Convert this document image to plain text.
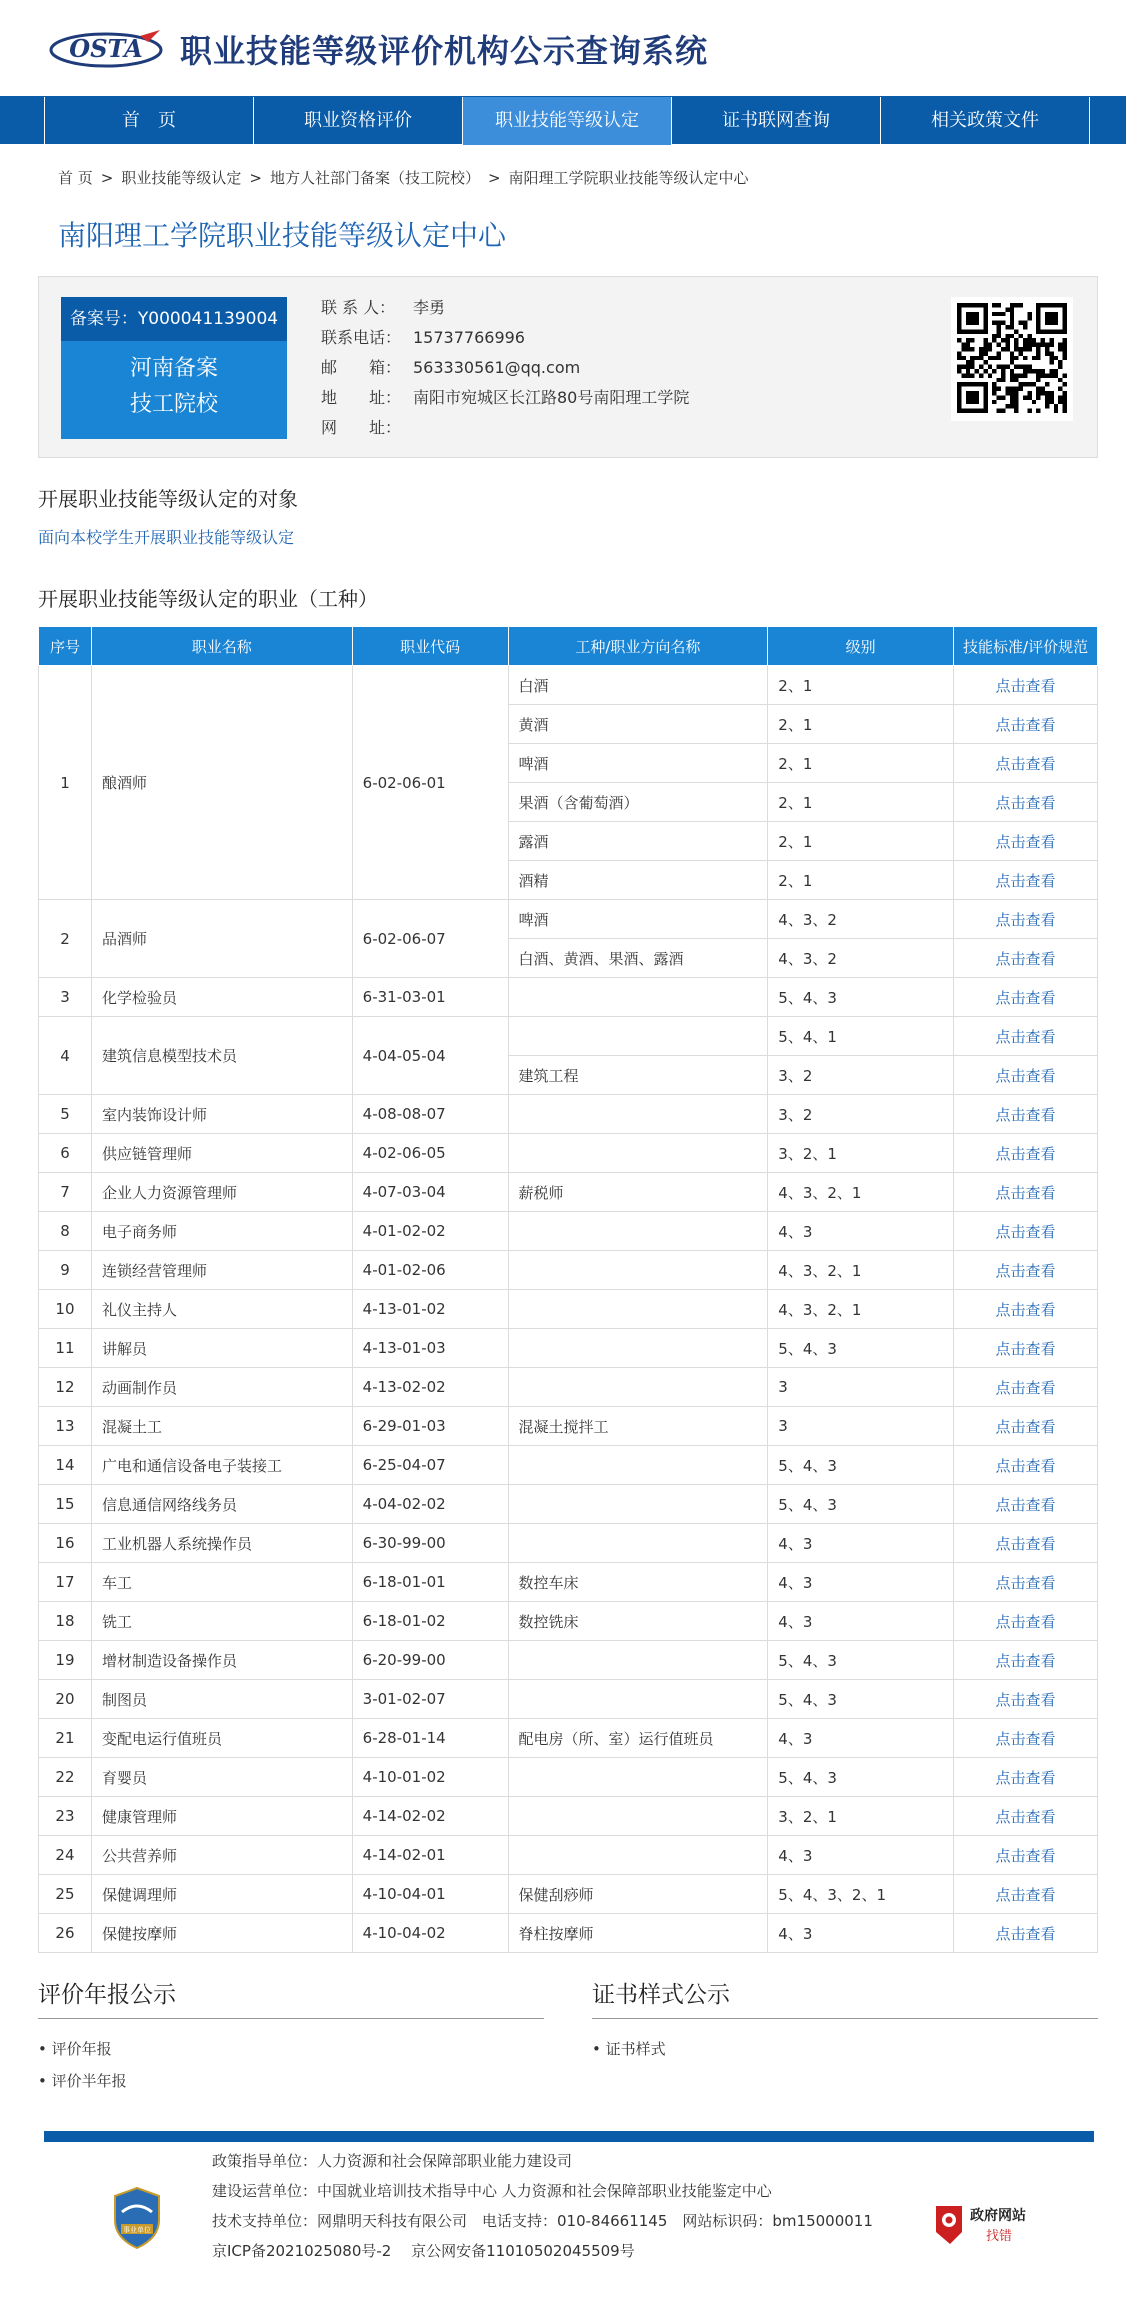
OSTA 职业技能等级评价机构公示查询系统
首　页	职业资格评价	职业技能等级认定	证书联网查询	相关政策文件
首 页 > 职业技能等级认定 > 地方人社部门备案（技工院校） > 南阳理工学院职业技能等级认定中心
南阳理工学院职业技能等级认定中心
备案号：Y000041139004
河南备案
技工院校
联 系 人：	李勇
联系电话： 15737766996
邮　　箱： 563330561@qq.com
地　　址： 南阳市宛城区长江路80号南阳理工学院
网　　址：
开展职业技能等级认定的对象
面向本校学生开展职业技能等级认定
开展职业技能等级认定的职业（工种）
序号	职业名称	职业代码	工种/职业方向名称	级别	技能标准/评价规范
1	酿酒师	6-02-06-01	白酒	2、1	点击查看
			黄酒	2、1	点击查看
			啤酒	2、1	点击查看
			果酒（含葡萄酒）	2、1	点击查看
			露酒	2、1	点击查看
			酒精	2、1	点击查看
2	品酒师	6-02-06-07	啤酒	4、3、2	点击查看
			白酒、黄酒、果酒、露酒	4、3、2	点击查看
3	化学检验员	6-31-03-01		5、4、3	点击查看
4	建筑信息模型技术员	4-04-05-04		5、4、1	点击查看
			建筑工程	3、2	点击查看
5	室内装饰设计师	4-08-08-07		3、2	点击查看
6	供应链管理师	4-02-06-05		3、2、1	点击查看
7	企业人力资源管理师	4-07-03-04	薪税师	4、3、2、1	点击查看
8	电子商务师	4-01-02-02		4、3	点击查看
9	连锁经营管理师	4-01-02-06		4、3、2、1	点击查看
10	礼仪主持人	4-13-01-02		4、3、2、1	点击查看
11	讲解员	4-13-01-03		5、4、3	点击查看
12	动画制作员	4-13-02-02		3	点击查看
13	混凝土工	6-29-01-03	混凝土搅拌工	3	点击查看
14	广电和通信设备电子装接工	6-25-04-07		5、4、3	点击查看
15	信息通信网络线务员	4-04-02-02		5、4、3	点击查看
16	工业机器人系统操作员	6-30-99-00		4、3	点击查看
17	车工	6-18-01-01	数控车床	4、3	点击查看
18	铣工	6-18-01-02	数控铣床	4、3	点击查看
19	增材制造设备操作员	6-20-99-00		5、4、3	点击查看
20	制图员	3-01-02-07		5、4、3	点击查看
21	变配电运行值班员	6-28-01-14	配电房（所、室）运行值班员	4、3	点击查看
22	育婴员	4-10-01-02		5、4、3	点击查看
23	健康管理师	4-14-02-02		3、2、1	点击查看
24	公共营养师	4-14-02-01		4、3	点击查看
25	保健调理师	4-10-04-01	保健刮痧师	5、4、3、2、1	点击查看
26	保健按摩师	4-10-04-02	脊柱按摩师	4、3	点击查看
评价年报公示
• 评价年报
• 评价半年报
证书样式公示
• 证书样式
事业单位
政策指导单位：人力资源和社会保障部职业能力建设司
建设运营单位：中国就业培训技术指导中心 人力资源和社会保障部职业技能鉴定中心
技术支持单位：网鼎明天科技有限公司　电话支持：010-84661145　网站标识码：bm15000011
京ICP备2021025080号-2　 京公网安备11010502045509号
政府网站
找错
